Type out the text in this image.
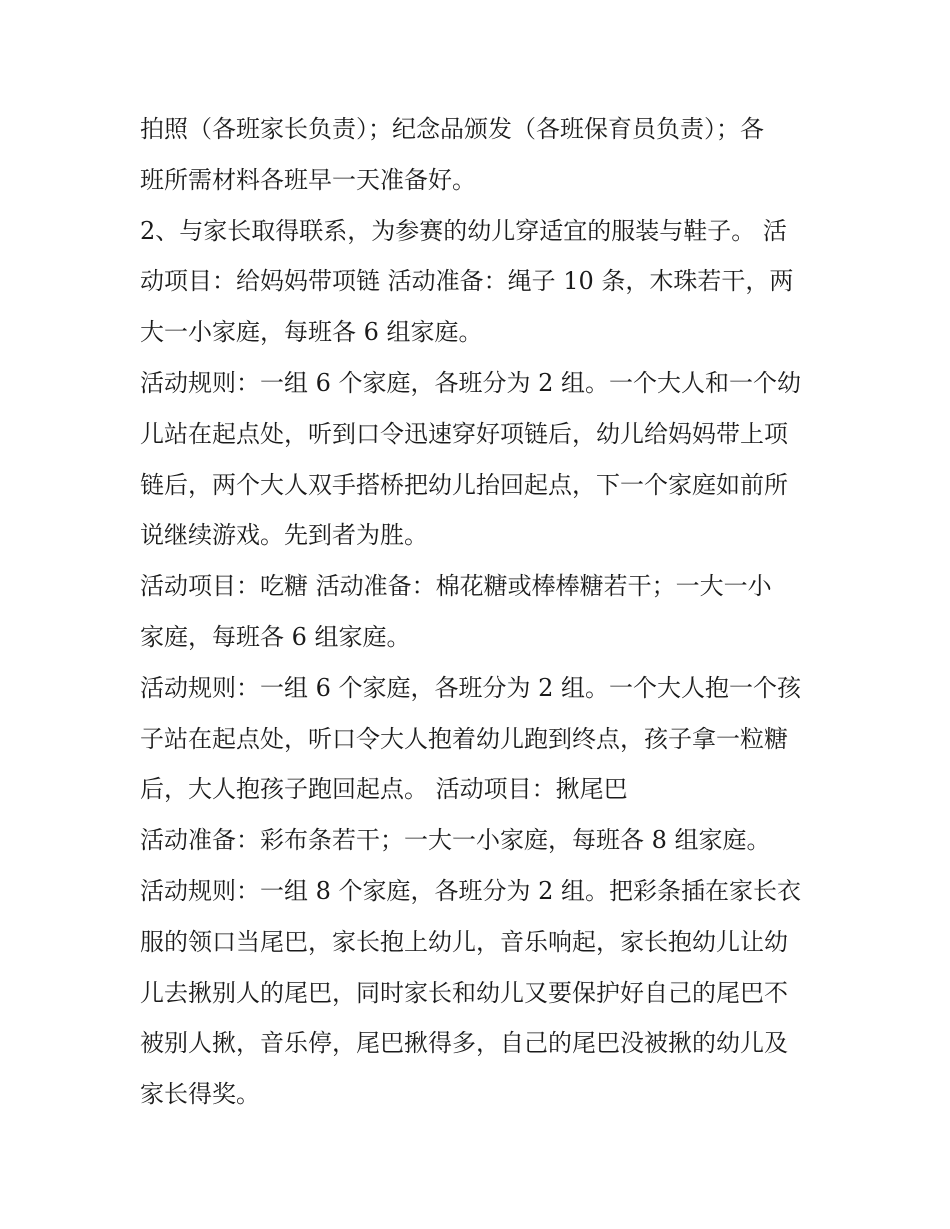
拍照（各班家长负责）；纪念品颁发（各班保育员负责）；各
班所需材料各班早一天准备好。
2、与家长取得联系，为参赛的幼儿穿适宜的服装与鞋子。 活
动项目：给妈妈带项链 活动准备：绳子 10 条，木珠若干，两
大一小家庭，每班各 6 组家庭。
活动规则：一组 6 个家庭，各班分为 2 组。一个大人和一个幼
儿站在起点处，听到口令迅速穿好项链后，幼儿给妈妈带上项
链后，两个大人双手搭桥把幼儿抬回起点，下一个家庭如前所
说继续游戏。先到者为胜。
活动项目：吃糖 活动准备：棉花糖或棒棒糖若干；一大一小
家庭，每班各 6 组家庭。
活动规则：一组 6 个家庭，各班分为 2 组。一个大人抱一个孩
子站在起点处，听口令大人抱着幼儿跑到终点，孩子拿一粒糖
后，大人抱孩子跑回起点。 活动项目：揪尾巴
活动准备：彩布条若干；一大一小家庭，每班各 8 组家庭。
活动规则：一组 8 个家庭，各班分为 2 组。把彩条插在家长衣
服的领口当尾巴，家长抱上幼儿，音乐响起，家长抱幼儿让幼
儿去揪别人的尾巴，同时家长和幼儿又要保护好自己的尾巴不
被别人揪，音乐停，尾巴揪得多，自己的尾巴没被揪的幼儿及
家长得奖。
